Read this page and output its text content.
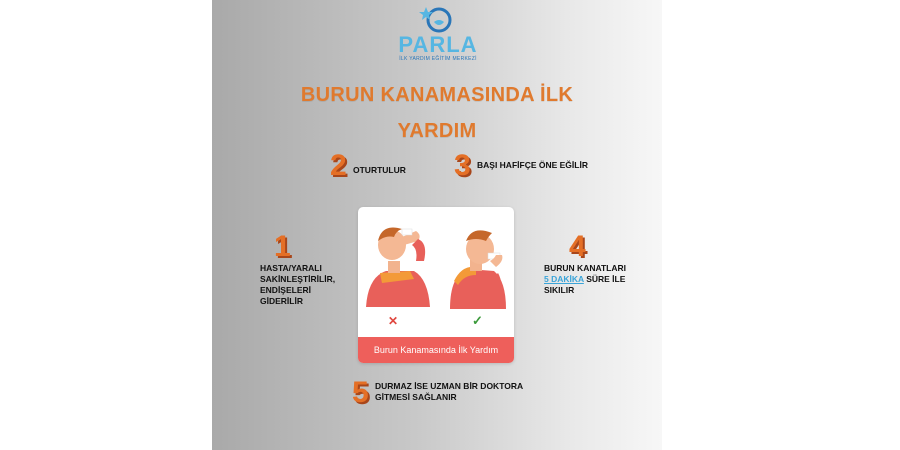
PARLA
İLK YARDIM EĞİTİM MERKEZİ
BURUN KANAMASINDA İLK
YARDIM
2 OTURTULUR 3 BAŞI HAFİFÇE ÖNE EĞİLİR
1
HASTA/YARALI SAKİNLEŞTİRİLİR, ENDİŞELERİ GİDERİLİR
4
BURUN KANATLARI
5 DAKİKA SÜRE İLE SIKILIR
5 DURMAZ İSE UZMAN BİR DOKTORA GİTMESİ SAĞLANIR
✕	✓
Burun Kanamasında İlk Yardım
